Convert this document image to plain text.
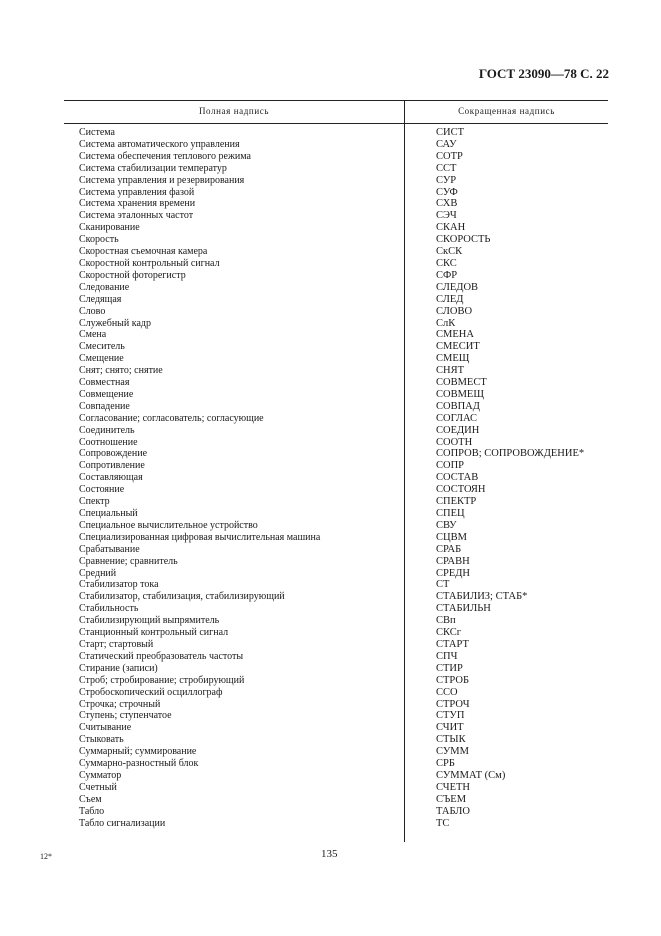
ГОСТ 23090—78 С. 22
Полная надпись	Сокращенная надпись
Система	СИСТ
Система автоматического управления	САУ
Система обеспечения теплового режима	СОТР
Система стабилизации температур	ССТ
Система управления и резервирования	СУР
Система управления фазой	СУФ
Система хранения времени	СХВ
Система эталонных частот	СЭЧ
Сканирование	СКАН
Скорость	СКОРОСТЬ
Скоростная съемочная камера	СкСК
Скоростной контрольный сигнал	СКС
Скоростной фоторегистр	СФР
Следование	СЛЕДОВ
Следящая	СЛЕД
Слово	СЛОВО
Служебный кадр	СлК
Смена	СМЕНА
Смеситель	СМЕСИТ
Смещение	СМЕЩ
Снят; снято; снятие	СНЯТ
Совместная	СОВМЕСТ
Совмещение	СОВМЕЩ
Совпадение	СОВПАД
Согласование; согласователь; согласующие	СОГЛАС
Соединитель	СОЕДИН
Соотношение	СООТН
Сопровождение	СОПРОВ; СОПРОВОЖДЕНИЕ*
Сопротивление	СОПР
Составляющая	СОСТАВ
Состояние	СОСТОЯН
Спектр	СПЕКТР
Специальный	СПЕЦ
Специальное вычислительное устройство	СВУ
Специализированная цифровая вычислительная машина	СЦВМ
Срабатывание	СРАБ
Сравнение; сравнитель	СРАВН
Средний	СРЕДН
Стабилизатор тока	СТ
Стабилизатор, стабилизация, стабилизирующий	СТАБИЛИЗ; СТАБ*
Стабильность	СТАБИЛЬН
Стабилизирующий выпрямитель	СВп
Станционный контрольный сигнал	СКСг
Старт; стартовый	СТАРТ
Статический преобразователь частоты	СПЧ
Стирание (записи)	СТИР
Строб; стробирование; стробирующий	СТРОБ
Стробоскопический осциллограф	ССО
Строчка; строчный	СТРОЧ
Ступень; ступенчатое	СТУП
Считывание	СЧИТ
Стыковать	СТЫК
Суммарный; суммирование	СУММ
Суммарно-разностный блок	СРБ
Сумматор	СУММАТ (См)
Счетный	СЧЕТН
Съем	СЪЕМ
Табло	ТАБЛО
Табло сигнализации	ТС
12*	135
